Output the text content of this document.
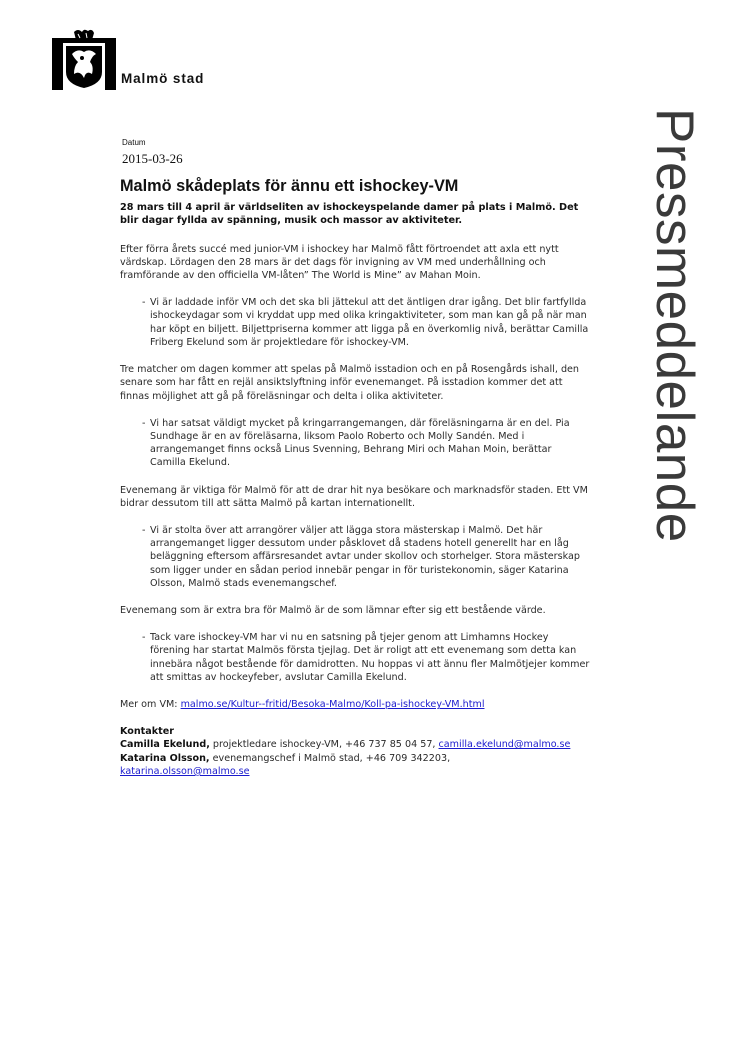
Malmö stad
Pressmeddelande
Datum
2015-03-26
Malmö skådeplats för ännu ett ishockey-VM

28 mars till 4 april är världseliten av ishockeyspelande damer på plats i Malmö. Det blir dagar fyllda av spänning, musik och massor av aktiviteter.

Efter förra årets succé med junior-VM i ishockey har Malmö fått förtroendet att axla ett nytt värdskap. Lördagen den 28 mars är det dags för invigning av VM med underhållning och framförande av den officiella VM-låten” The World is Mine” av Mahan Moin.

- Vi är laddade inför VM och det ska bli jättekul att det äntligen drar igång. Det blir fartfyllda ishockeydagar som vi kryddat upp med olika kringaktiviteter, som man kan gå på när man har köpt en biljett. Biljettpriserna kommer att ligga på en överkomlig nivå, berättar Camilla Friberg Ekelund som är projektledare för ishockey-VM.

Tre matcher om dagen kommer att spelas på Malmö isstadion och en på Rosengårds ishall, den senare som har fått en rejäl ansiktslyftning inför evenemanget. På isstadion kommer det att finnas möjlighet att gå på föreläsningar och delta i olika aktiviteter.

- Vi har satsat väldigt mycket på kringarrangemangen, där föreläsningarna är en del. Pia Sundhage är en av föreläsarna, liksom Paolo Roberto och Molly Sandén. Med i arrangemanget finns också Linus Svenning, Behrang Miri och Mahan Moin, berättar Camilla Ekelund.

Evenemang är viktiga för Malmö för att de drar hit nya besökare och marknadsför staden. Ett VM bidrar dessutom till att sätta Malmö på kartan internationellt.

- Vi är stolta över att arrangörer väljer att lägga stora mästerskap i Malmö. Det här arrangemanget ligger dessutom under påsklovet då stadens hotell generellt har en låg beläggning eftersom affärsresandet avtar under skollov och storhelger. Stora mästerskap som ligger under en sådan period innebär pengar in för turistekonomin, säger Katarina Olsson, Malmö stads evenemangschef.

Evenemang som är extra bra för Malmö är de som lämnar efter sig ett bestående värde.

- Tack vare ishockey-VM har vi nu en satsning på tjejer genom att Limhamns Hockey förening har startat Malmös första tjejlag. Det är roligt att ett evenemang som detta kan innebära något bestående för damidrotten. Nu hoppas vi att ännu fler Malmötjejer kommer att smittas av hockeyfeber, avslutar Camilla Ekelund.

Mer om VM: malmo.se/Kultur--fritid/Besoka-Malmo/Koll-pa-ishockey-VM.html

Kontakter

Camilla Ekelund, projektledare ishockey-VM, +46 737 85 04 57, camilla.ekelund@malmo.se

Katarina Olsson, evenemangschef i Malmö stad, +46 709 342203,
katarina.olsson@malmo.se
